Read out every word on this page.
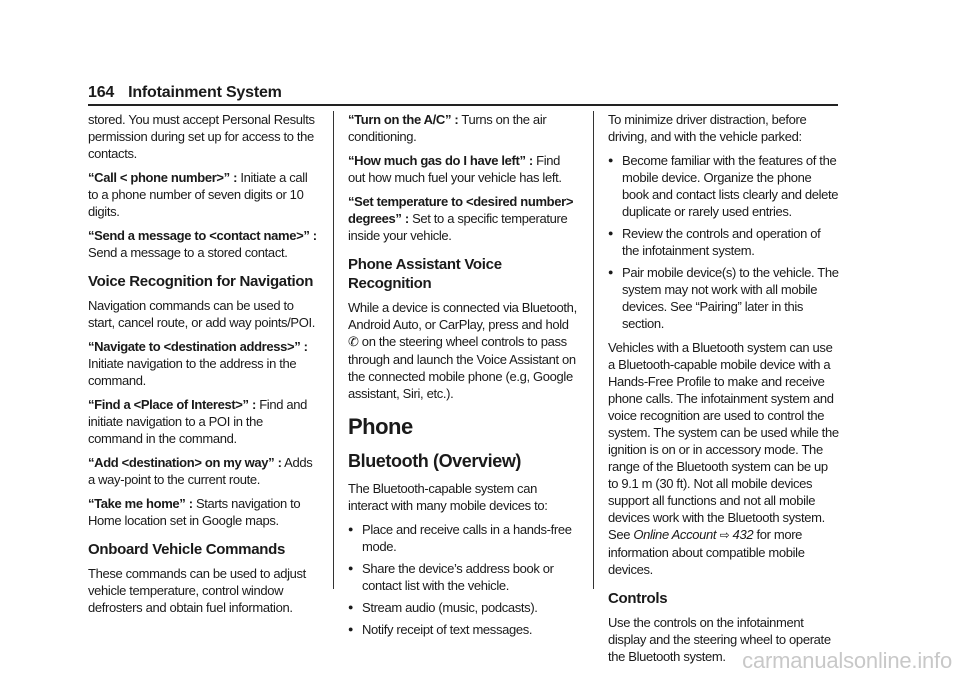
164 Infotainment System

stored. You must accept Personal Results permission during set up for access to the contacts.

“Call < phone number>” : Initiate a call to a phone number of seven digits or 10 digits.

“Send a message to <contact name>” : Send a message to a stored contact.

Voice Recognition for Navigation

Navigation commands can be used to start, cancel route, or add way points/POI.

“Navigate to <destination address>” : Initiate navigation to the address in the command.

“Find a <Place of Interest>” : Find and initiate navigation to a POI in the command in the command.

“Add <destination> on my way” : Adds a way-point to the current route.

“Take me home” : Starts navigation to Home location set in Google maps.

Onboard Vehicle Commands

These commands can be used to adjust vehicle temperature, control window defrosters and obtain fuel information.

“Turn on the A/C” : Turns on the air conditioning.

“How much gas do I have left” : Find out how much fuel your vehicle has left.

“Set temperature to <desired number> degrees” : Set to a specific temperature inside your vehicle.

Phone Assistant Voice Recognition

While a device is connected via Bluetooth, Android Auto, or CarPlay, press and hold ✆ on the steering wheel controls to pass through and launch the Voice Assistant on the connected mobile phone (e.g, Google assistant, Siri, etc.).

Phone
Bluetooth (Overview)

The Bluetooth-capable system can interact with many mobile devices to:

● Place and receive calls in a hands-free mode.
● Share the device’s address book or contact list with the vehicle.
● Stream audio (music, podcasts).
● Notify receipt of text messages.

To minimize driver distraction, before driving, and with the vehicle parked:

● Become familiar with the features of the mobile device. Organize the phone book and contact lists clearly and delete duplicate or rarely used entries.
● Review the controls and operation of the infotainment system.
● Pair mobile device(s) to the vehicle. The system may not work with all mobile devices. See “Pairing” later in this section.

Vehicles with a Bluetooth system can use a Bluetooth-capable mobile device with a Hands-Free Profile to make and receive phone calls. The infotainment system and voice recognition are used to control the system. The system can be used while the ignition is on or in accessory mode. The range of the Bluetooth system can be up to 9.1 m (30 ft). Not all mobile devices support all functions and not all mobile devices work with the Bluetooth system. See Online Account ⇨ 432 for more information about compatible mobile devices.

Controls

Use the controls on the infotainment display and the steering wheel to operate the Bluetooth system. carmanualsonline.info
